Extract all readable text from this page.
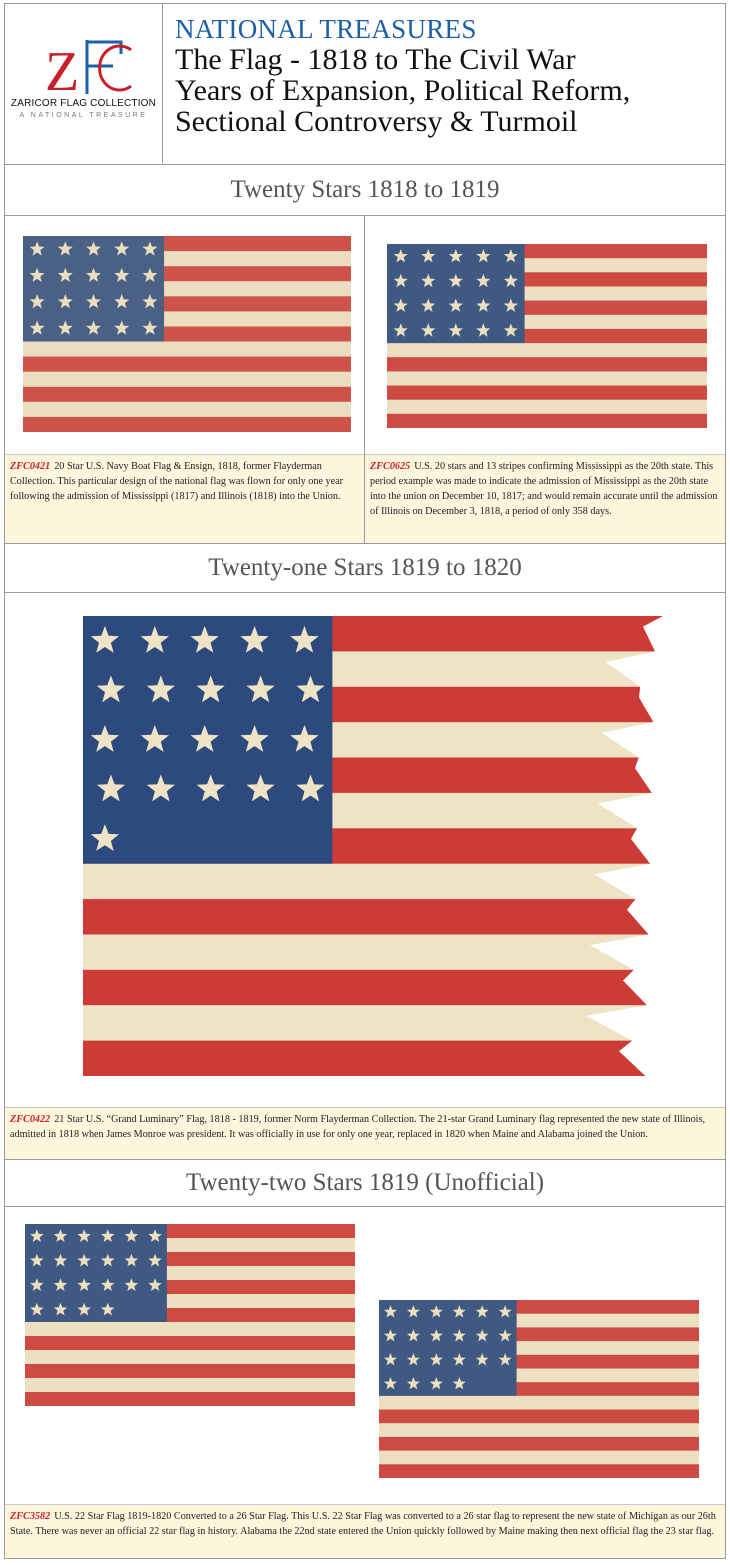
Z
ZARICOR FLAG COLLECTION
A NATIONAL TREASURE
NATIONAL TREASURES
The Flag - 1818 to The Civil War
Years of Expansion, Political Reform,
Sectional Controversy & Turmoil
Twenty Stars 1818 to 1819
ZFC0421 20 Star U.S. Navy Boat Flag & Ensign, 1818, former Flayderman Collection. This particular design of the national flag was flown for only one year following the admission of Mississippi (1817) and Illinois (1818) into the Union.
ZFC0625 U.S. 20 stars and 13 stripes confirming Mississippi as the 20th state. This period example was made to indicate the admission of Mississippi as the 20th state into the union on December 10, 1817; and would remain accurate until the admission of Illinois on December 3, 1818, a period of only 358 days.
Twenty-one Stars 1819 to 1820
ZFC0422 21 Star U.S. “Grand Luminary” Flag, 1818 - 1819, former Norm Flayderman Collection. The 21-star Grand Luminary flag represented the new state of Illinois, admitted in 1818 when James Monroe was president. It was officially in use for only one year, replaced in 1820 when Maine and Alabama joined the Union.
Twenty-two Stars 1819 (Unofficial)
ZFC3582 U.S. 22 Star Flag 1819-1820 Converted to a 26 Star Flag. This U.S. 22 Star Flag was converted to a 26 star flag to represent the new state of Michigan as our 26th State. There was never an official 22 star flag in history. Alabama the 22nd state entered the Union quickly followed by Maine making then next official flag the 23 star flag.
